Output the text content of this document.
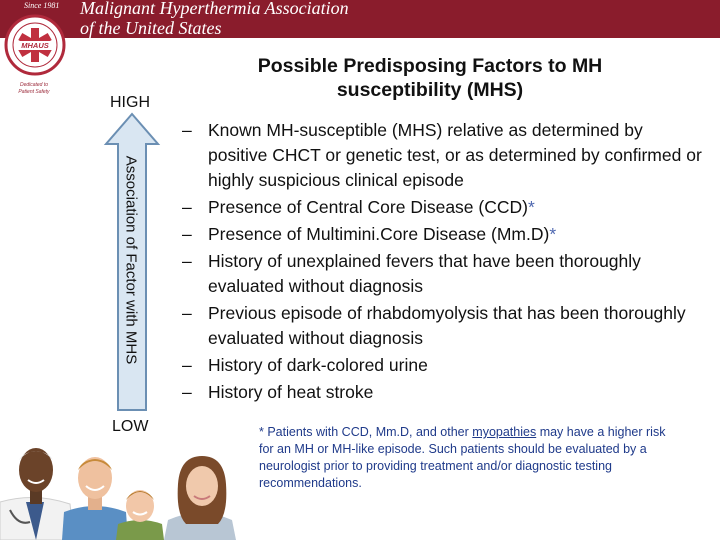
Since 1981 Malignant Hyperthermia Association
of the United States
MHAUS
Dedicated to Patient Safety
Possible Predisposing Factors to MH susceptibility (MHS)
HIGH
Association of Factor with MHS
LOW
– Known MH-susceptible (MHS) relative as determined by positive CHCT or genetic test, or as determined by confirmed or highly suspicious clinical episode
– Presence of Central Core Disease (CCD)*
– Presence of Multimini.Core Disease (Mm.D)*
– History of unexplained fevers that have been thoroughly evaluated without diagnosis
– Previous episode of rhabdomyolysis that has been thoroughly evaluated without diagnosis
– History of dark-colored urine
– History of heat stroke
* Patients with CCD, Mm.D, and other myopathies may have a higher risk for an MH or MH-like episode. Such patients should be evaluated by a neurologist prior to providing treatment and/or diagnostic testing recommendations.
